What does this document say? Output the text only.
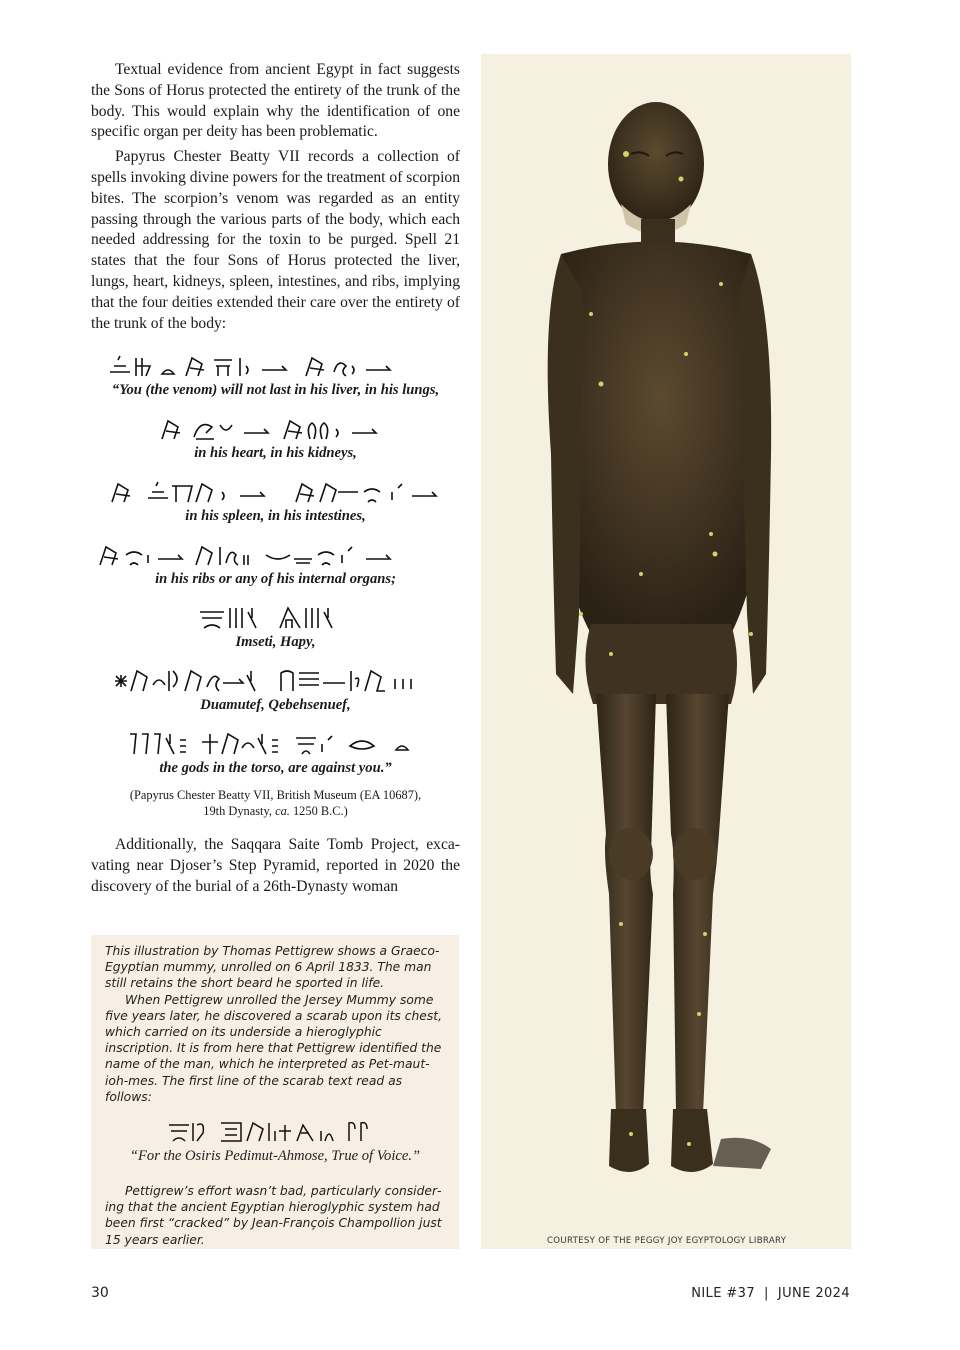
Textual evidence from ancient Egypt in fact suggests the Sons of Horus protected the entirety of the trunk of the body. This would explain why the identification of one specific organ per deity has been problematic.

Papyrus Chester Beatty VII records a collection of spells invoking divine powers for the treatment of scorpion bites. The scorpion’s venom was regarded as an entity passing through the various parts of the body, which each needed addressing for the toxin to be purged. Spell 21 states that the four Sons of Horus protected the liver, lungs, heart, kidneys, spleen, intestines, and ribs, implying that the four deities extended their care over the entirety of the trunk of the body:

“You (the venom) will not last in his liver, in his lungs,
in his heart, in his kidneys,
in his spleen, in his intestines,
in his ribs or any of his internal organs;
Imseti, Hapy,
Duamutef, Qebehsenuef,
the gods in the torso, are against you.”
(Papyrus Chester Beatty VII, British Museum (EA 10687),
19th Dynasty, ca. 1250 B.C.)

Additionally, the Saqqara Saite Tomb Project, excavating near Djoser’s Step Pyramid, reported in 2020 the discovery of the burial of a 26th-Dynasty woman

This illustration by Thomas Pettigrew shows a Graeco-Egyptian mummy, unrolled on 6 April 1833. The man still retains the short beard he sported in life.

When Pettigrew unrolled the Jersey Mummy some five years later, he discovered a scarab upon its chest, which carried on its underside a hieroglyphic inscription. It is from here that Pettigrew identified the name of the man, which he interpreted as Pet-maut-ioh-mes. The first line of the scarab text read as follows:

“For the Osiris Pedimut-Ahmose, True of Voice.”

Pettigrew’s effort wasn’t bad, particularly considering that the ancient Egyptian hieroglyphic system had been first “cracked” by Jean-François Champollion just 15 years earlier.	COURTESY OF THE PEGGY JOY EGYPTOLOGY LIBRARY
30	NILE #37  |  JUNE 2024
